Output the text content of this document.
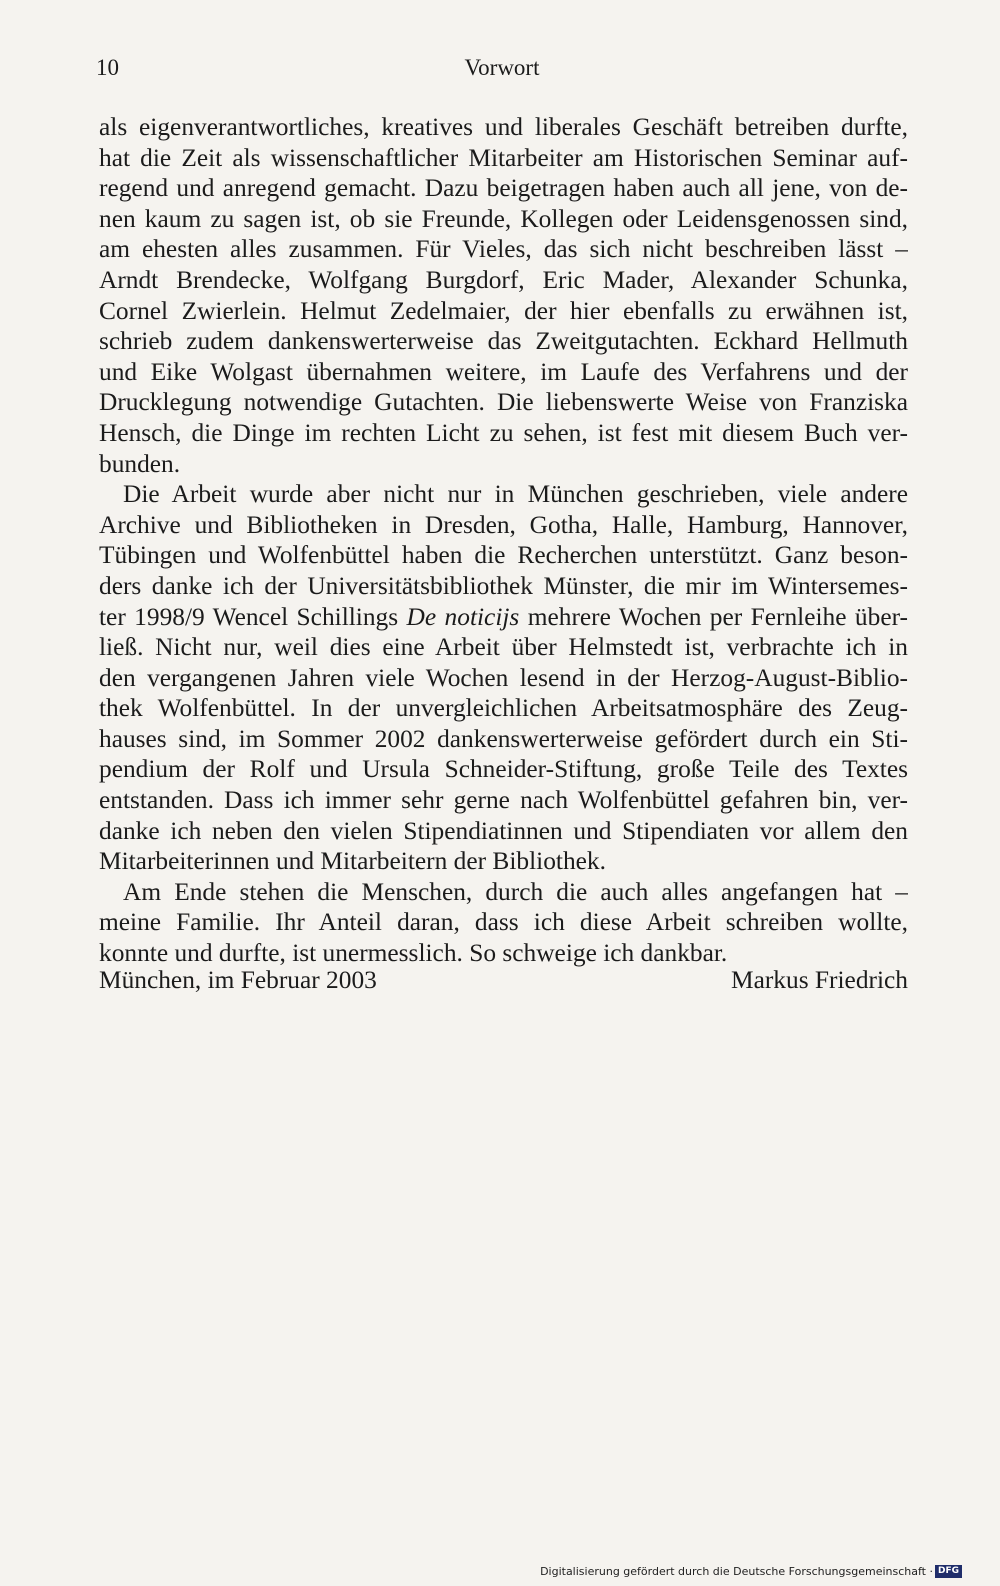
10	Vorwort
als eigenverantwortliches, kreatives und liberales Geschäft betreiben durfte,
hat die Zeit als wissenschaftlicher Mitarbeiter am Historischen Seminar auf-
regend und anregend gemacht. Dazu beigetragen haben auch all jene, von de-
nen kaum zu sagen ist, ob sie Freunde, Kollegen oder Leidensgenossen sind,
am ehesten alles zusammen. Für Vieles, das sich nicht beschreiben lässt –
Arndt Brendecke, Wolfgang Burgdorf, Eric Mader, Alexander Schunka,
Cornel Zwierlein. Helmut Zedelmaier, der hier ebenfalls zu erwähnen ist,
schrieb zudem dankenswerterweise das Zweitgutachten. Eckhard Hellmuth
und Eike Wolgast übernahmen weitere, im Laufe des Verfahrens und der
Drucklegung notwendige Gutachten. Die liebenswerte Weise von Franziska
Hensch, die Dinge im rechten Licht zu sehen, ist fest mit diesem Buch ver-
bunden.
Die Arbeit wurde aber nicht nur in München geschrieben, viele andere
Archive und Bibliotheken in Dresden, Gotha, Halle, Hamburg, Hannover,
Tübingen und Wolfenbüttel haben die Recherchen unterstützt. Ganz beson-
ders danke ich der Universitätsbibliothek Münster, die mir im Wintersemes-
ter 1998/9 Wencel Schillings De noticijs mehrere Wochen per Fernleihe über-
ließ. Nicht nur, weil dies eine Arbeit über Helmstedt ist, verbrachte ich in
den vergangenen Jahren viele Wochen lesend in der Herzog-August-Biblio-
thek Wolfenbüttel. In der unvergleichlichen Arbeitsatmosphäre des Zeug-
hauses sind, im Sommer 2002 dankenswerterweise gefördert durch ein Sti-
pendium der Rolf und Ursula Schneider-Stiftung, große Teile des Textes
entstanden. Dass ich immer sehr gerne nach Wolfenbüttel gefahren bin, ver-
danke ich neben den vielen Stipendiatinnen und Stipendiaten vor allem den
Mitarbeiterinnen und Mitarbeitern der Bibliothek.
Am Ende stehen die Menschen, durch die auch alles angefangen hat –
meine Familie. Ihr Anteil daran, dass ich diese Arbeit schreiben wollte,
konnte und durfte, ist unermesslich. So schweige ich dankbar.
München, im Februar 2003	Markus Friedrich
Digitalisierung gefördert durch die Deutsche Forschungsgemeinschaft · DFG
